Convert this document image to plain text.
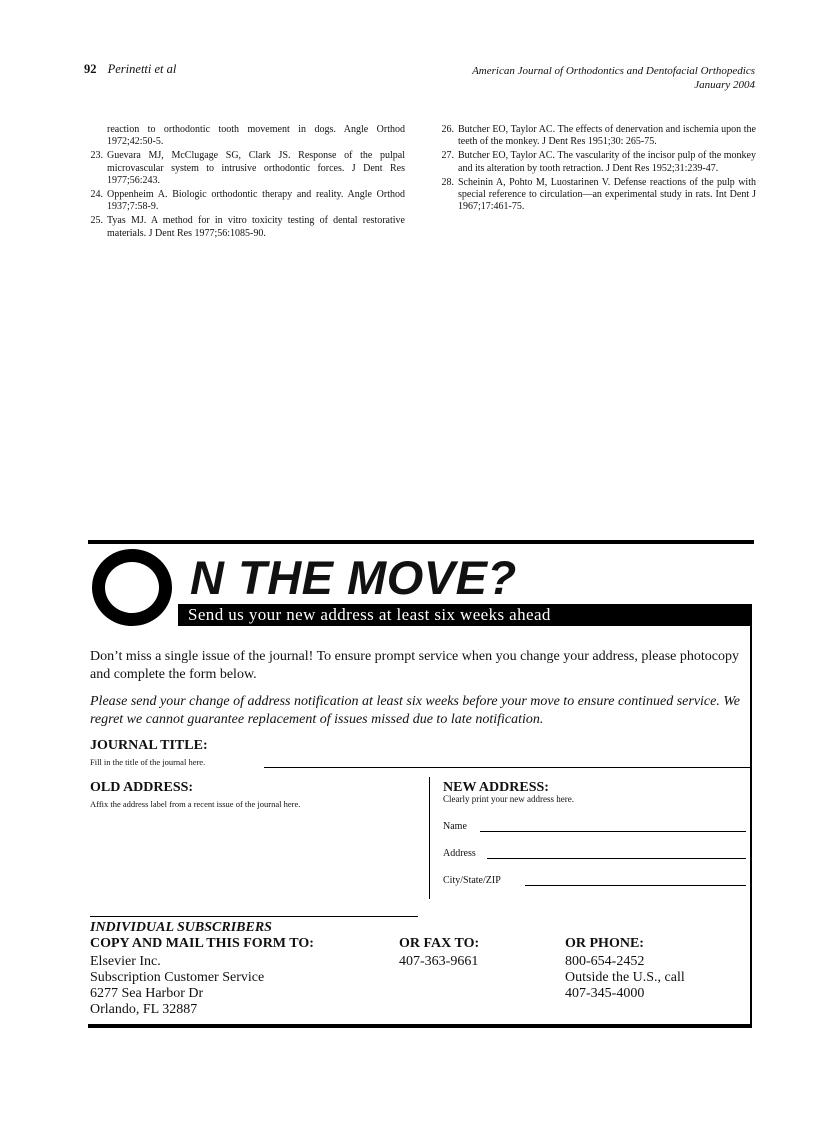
92 Perinetti et al	American Journal of Orthodontics and Dentofacial Orthopedics
January 2004
reaction to orthodontic tooth movement in dogs. Angle Orthod 1972;42:50-5.
23. Guevara MJ, McClugage SG, Clark JS. Response of the pulpal microvascular system to intrusive orthodontic forces. J Dent Res 1977;56:243.
24. Oppenheim A. Biologic orthodontic therapy and reality. Angle Orthod 1937;7:58-9.
25. Tyas MJ. A method for in vitro toxicity testing of dental restorative materials. J Dent Res 1977;56:1085-90.
26. Butcher EO, Taylor AC. The effects of denervation and ischemia upon the teeth of the monkey. J Dent Res 1951;30: 265-75.
27. Butcher EO, Taylor AC. The vascularity of the incisor pulp of the monkey and its alteration by tooth retraction. J Dent Res 1952;31:239-47.
28. Scheinin A, Pohto M, Luostarinen V. Defense reactions of the pulp with special reference to circulation—an experimental study in rats. Int Dent J 1967;17:461-75.
N THE MOVE?
Send us your new address at least six weeks ahead
Don’t miss a single issue of the journal! To ensure prompt service when you change your address, please photocopy and complete the form below.
Please send your change of address notification at least six weeks before your move to ensure continued service. We regret we cannot guarantee replacement of issues missed due to late notification.
JOURNAL TITLE:
Fill in the title of the journal here.
OLD ADDRESS:
Affix the address label from a recent issue of the journal here.
NEW ADDRESS:
Clearly print your new address here.
Name
Address
City/State/ZIP
INDIVIDUAL SUBSCRIBERS
COPY AND MAIL THIS FORM TO:
Elsevier Inc.
Subscription Customer Service
6277 Sea Harbor Dr
Orlando, FL 32887
OR FAX TO:
407-363-9661
OR PHONE:
800-654-2452
Outside the U.S., call
407-345-4000
